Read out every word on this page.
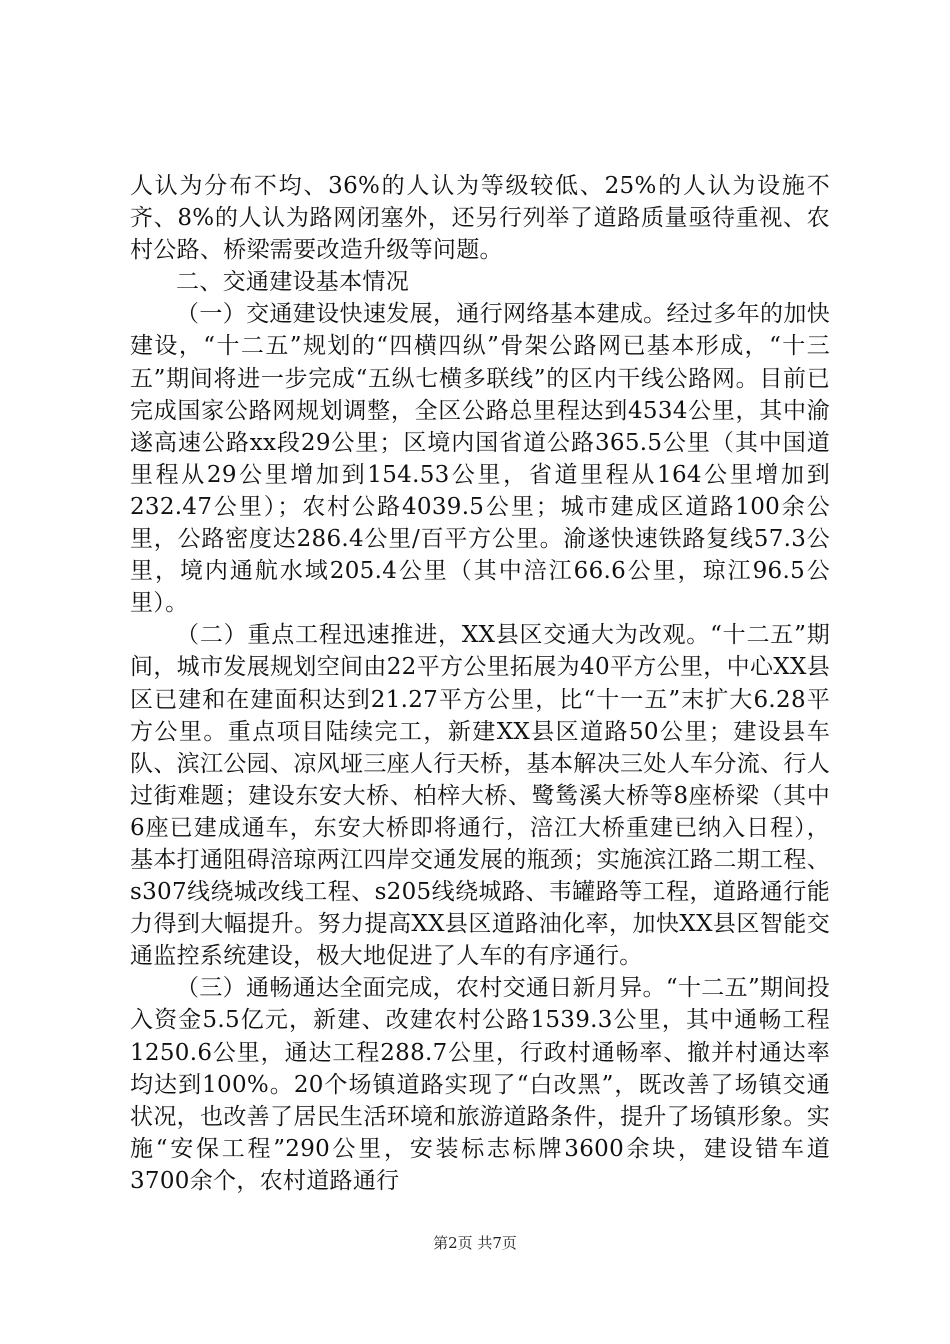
人认为分布不均、36%的人认为等级较低、25%的人认为设施不齐、8%的人认为路网闭塞外，还另行列举了道路质量亟待重视、农村公路、桥梁需要改造升级等问题。

二、交通建设基本情况

（一）交通建设快速发展，通行网络基本建成。经过多年的加快建设，“十二五”规划的“四横四纵”骨架公路网已基本形成，“十三五”期间将进一步完成“五纵七横多联线”的区内干线公路网。目前已完成国家公路网规划调整，全区公路总里程达到4534公里，其中渝遂高速公路xx段29公里；区境内国省道公路365.5公里（其中国道里程从29公里增加到154.53公里，省道里程从164公里增加到232.47公里）；农村公路4039.5公里；城市建成区道路100余公里，公路密度达286.4公里/百平方公里。渝遂快速铁路复线57.3公里，境内通航水域205.4公里（其中涪江66.6公里，琼江96.5公里）。

（二）重点工程迅速推进，XX县区交通大为改观。“十二五”期间，城市发展规划空间由22平方公里拓展为40平方公里，中心XX县区已建和在建面积达到21.27平方公里，比“十一五”末扩大6.28平方公里。重点项目陆续完工，新建XX县区道路50公里；建设县车队、滨江公园、凉风垭三座人行天桥，基本解决三处人车分流、行人过街难题；建设东安大桥、柏梓大桥、鹭鸶溪大桥等8座桥梁（其中6座已建成通车，东安大桥即将通行，涪江大桥重建已纳入日程），基本打通阻碍涪琼两江四岸交通发展的瓶颈；实施滨江路二期工程、s307线绕城改线工程、s205线绕城路、韦罐路等工程，道路通行能力得到大幅提升。努力提高XX县区道路油化率，加快XX县区智能交通监控系统建设，极大地促进了人车的有序通行。

（三）通畅通达全面完成，农村交通日新月异。“十二五”期间投入资金5.5亿元，新建、改建农村公路1539.3公里，其中通畅工程1250.6公里，通达工程288.7公里，行政村通畅率、撤并村通达率均达到100%。20个场镇道路实现了“白改黑”，既改善了场镇交通状况，也改善了居民生活环境和旅游道路条件，提升了场镇形象。实施“安保工程”290公里，安装标志标牌3600余块，建设错车道3700余个，农村道路通行

第2页 共7页
